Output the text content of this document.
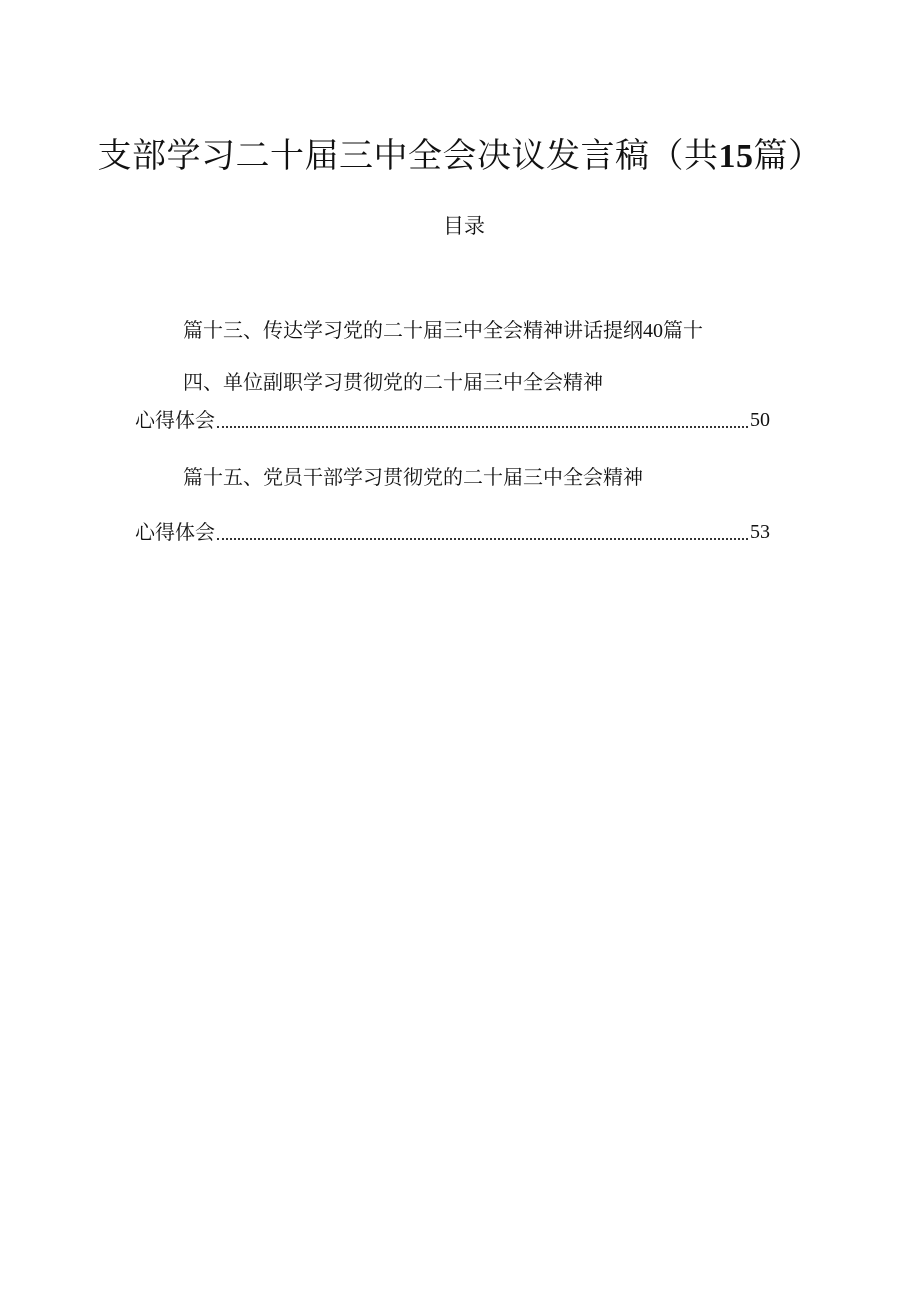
支部学习二十届三中全会决议发言稿（共15篇）
目录
篇十三、传达学习党的二十届三中全会精神讲话提纲40篇十
四、单位副职学习贯彻党的二十届三中全会精神
心得体会	50
篇十五、党员干部学习贯彻党的二十届三中全会精神
心得体会	53
